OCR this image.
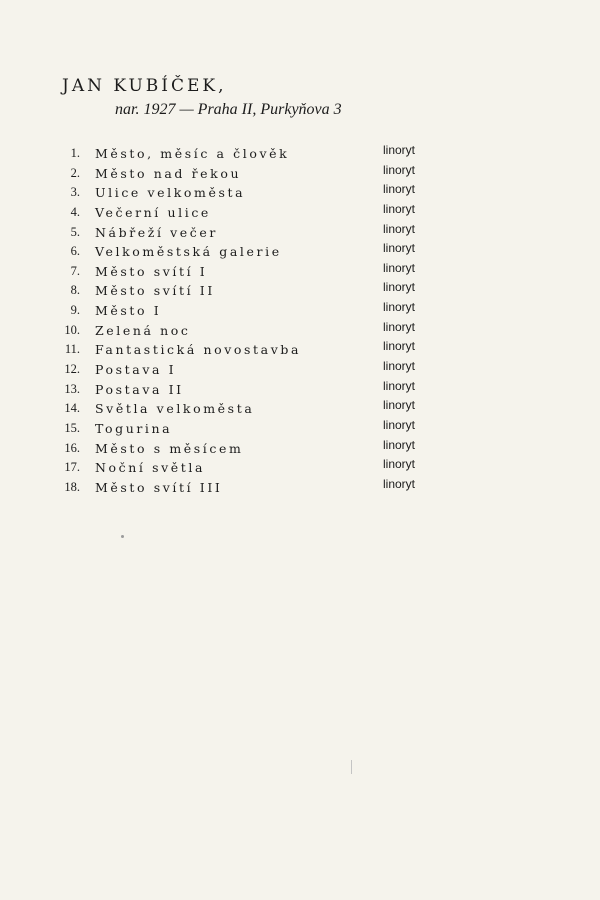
JAN KUBÍČEK,
nar. 1927 — Praha II, Purkyňova 3
1. Město, měsíc a člověk	linoryt
2. Město nad řekou	linoryt
3. Ulice velkoměsta	linoryt
4. Večerní ulice	linoryt
5. Nábřeží večer	linoryt
6. Velkoměstská galerie	linoryt
7. Město svítí I	linoryt
8. Město svítí II	linoryt
9. Město I	linoryt
10. Zelená noc	linoryt
11. Fantastická novostavba	linoryt
12. Postava I	linoryt
13. Postava II	linoryt
14. Světla velkoměsta	linoryt
15. Togurina	linoryt
16. Město s měsícem	linoryt
17. Noční světla	linoryt
18. Město svítí III	linoryt
